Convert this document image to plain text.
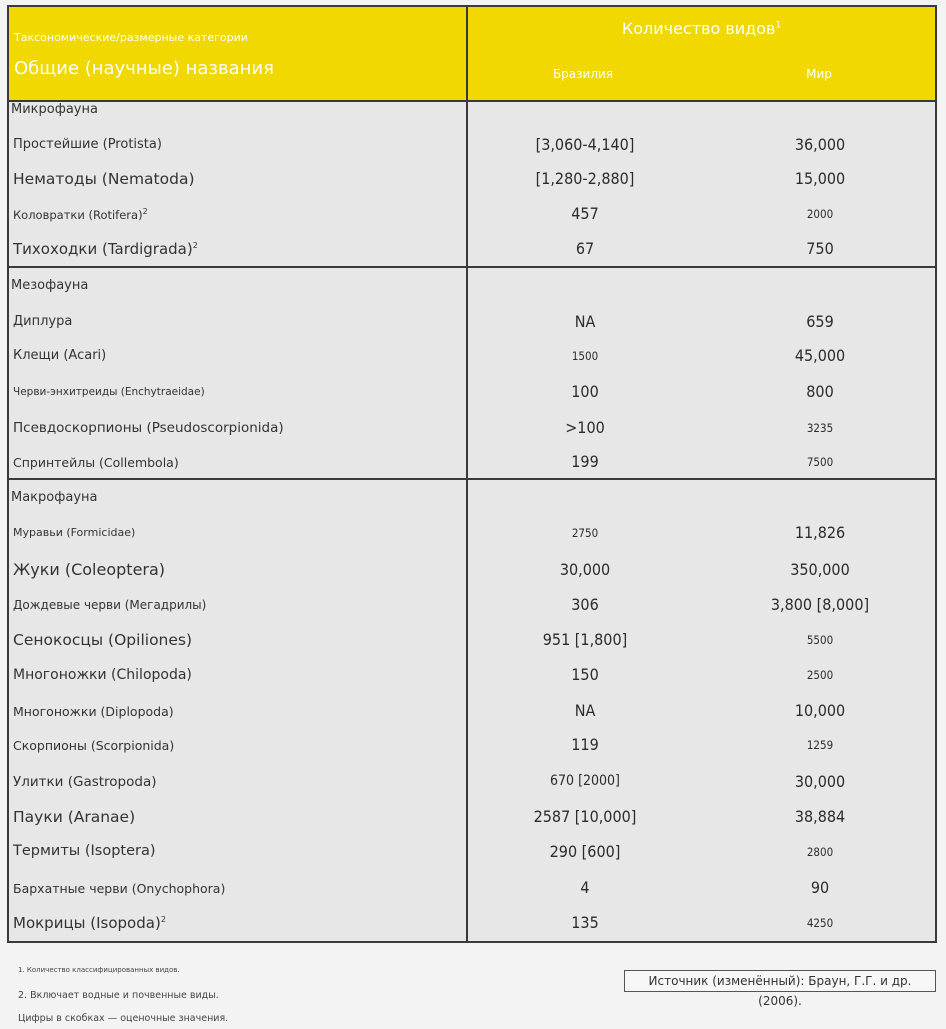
Таксономические/размерные категории
Общие (научные) названия
Количество видов$^1$
Бразилия	Мир
Микрофауна
Простейшие (Protista)	[3,060-4,140]	36,000
Нематоды (Nematoda)	[1,280-2,880]	15,000
Коловратки (Rotifera)$^2$	457	2000
Тихоходки (Tardigrada)$^2$	67	750
Мезофауна
Диплура	NA	659
Клещи (Acari)	1500	45,000
Черви-энхитреиды (Enchytraeidae)	100	800
Псевдоскорпионы (Pseudoscorpionida)	>100	3235
Спринтейлы (Collembola)	199	7500
Макрофауна
Муравьи (Formicidae)	2750	11,826
Жуки (Coleoptera)	30,000	350,000
Дождевые черви (Мегадрилы)	306	3,800 [8,000]
Сенокосцы (Opiliones)	951 [1,800]	5500
Многоножки (Chilopoda)	150	2500
Многоножки (Diplopoda)	NA	10,000
Скорпионы (Scorpionida)	119	1259
Улитки (Gastropoda)	670 [2000]	30,000
Пауки (Aranae)	2587 [10,000]	38,884
Термиты (Isoptera)	290 [600]	2800
Бархатные черви (Onychophora)	4	90
Мокрицы (Isopoda)$^2$	135	4250
1. Количество классифицированных видов.
2. Включает водные и почвенные виды.
Цифры в скобках — оценочные значения.
Источник (изменённый): Браун, Г.Г. и др. (2006).
